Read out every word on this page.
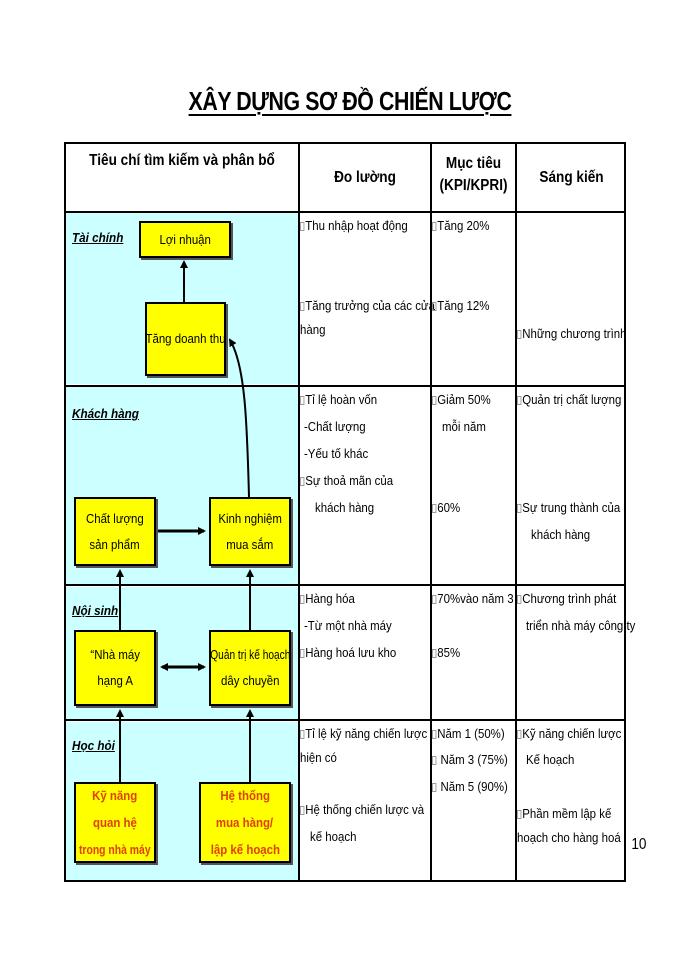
XÂY DỰNG SƠ ĐỒ CHIẾN LƯỢC
Tiêu chí tìm kiếm và phân bổ
Đo lường
Mục tiêu
(KPI/KPRI)	Sáng kiến
Tài chính
Khách hàng
Nội sinh
Học hỏi
Lợi nhuận
Tăng doanh thu
Chất lượng
sản phẩm
Kinh nghiệm
mua sắm
“Nhà máy
hạng A
Quản trị kế hoạch
dây chuyền
Kỹ năng
quan hệ
trong nhà máy
Hệ thống
mua hàng/
lập kế hoạch
Thu nhập hoạt động
Tăng trưởng của các cửa
hàng
Tăng 20%
Tăng 12%
Những chương trình
Tỉ lệ hoàn vốn
-Chất lượng
-Yếu tố khác
Sự thoả mãn của
khách hàng
Giảm 50%
mỗi năm
60%
Quản trị chất lượng
Sự trung thành của
khách hàng
Hàng hóa
-Từ một nhà máy
Hàng hoá lưu kho
70%vào năm 3
85%
Chương trình phát
triển nhà máy công ty
Tỉ lệ kỹ năng chiến lược
hiện có
Hệ thống chiến lược và
kế hoạch
Năm 1 (50%)
Năm 3 (75%)
Năm 5 (90%)
Kỹ năng chiến lược
Kế hoạch
Phần mềm lập kế
hoạch cho hàng hoá 10
